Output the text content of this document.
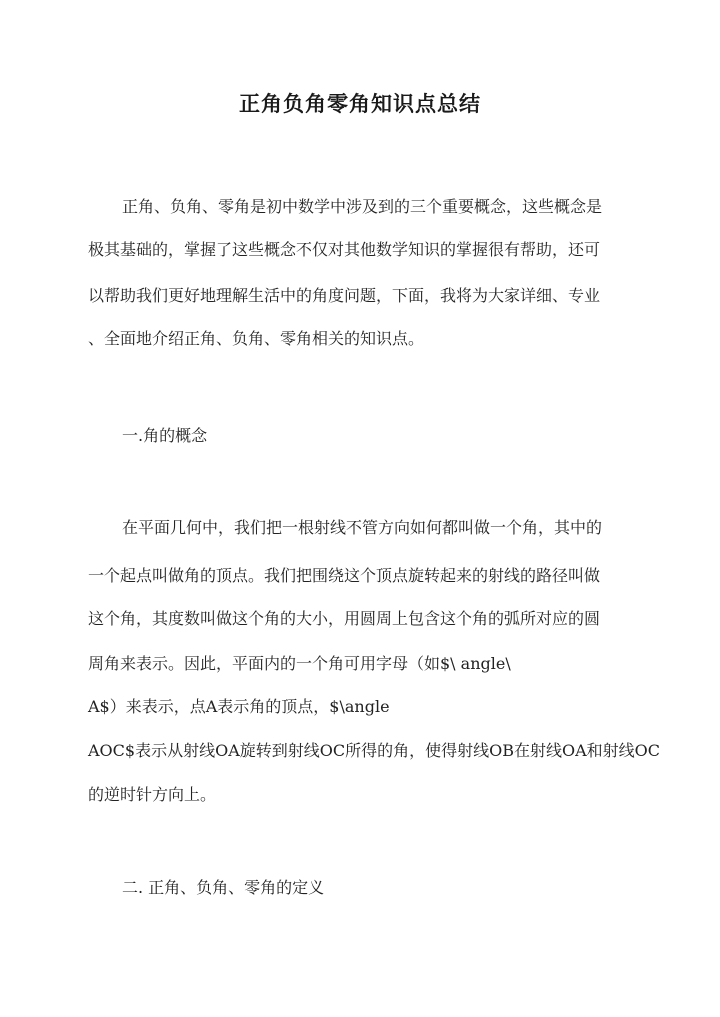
正角负角零角知识点总结
正角、负角、零角是初中数学中涉及到的三个重要概念，这些概念是
极其基础的，掌握了这些概念不仅对其他数学知识的掌握很有帮助，还可
以帮助我们更好地理解生活中的角度问题，下面，我将为大家详细、专业
、全面地介绍正角、负角、零角相关的知识点。
一.角的概念
在平面几何中，我们把一根射线不管方向如何都叫做一个角，其中的
一个起点叫做角的顶点。我们把围绕这个顶点旋转起来的射线的路径叫做
这个角，其度数叫做这个角的大小，用圆周上包含这个角的弧所对应的圆
周角来表示。因此，平面内的一个角可用字母（如$\ angle\
A$）来表示，点A表示角的顶点，$\angle
AOC$表示从射线OA旋转到射线OC所得的角，使得射线OB在射线OA和射线OC
的逆时针方向上。
二. 正角、负角、零角的定义
